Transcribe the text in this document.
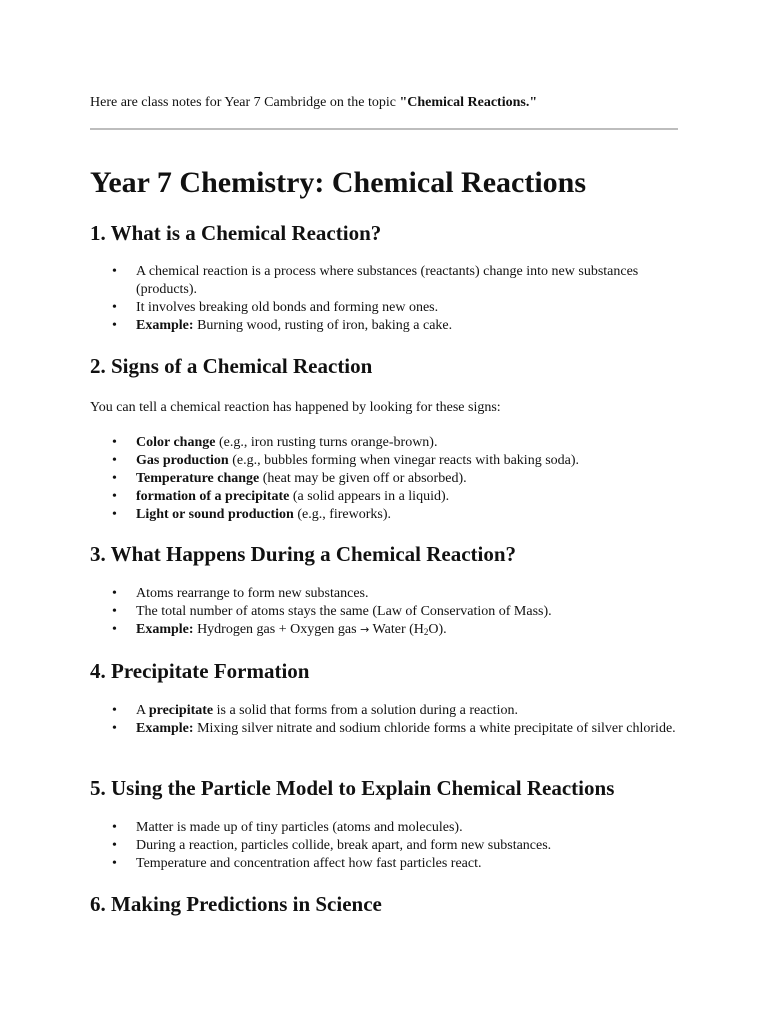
Here are class notes for Year 7 Cambridge on the topic "Chemical Reactions."
Year 7 Chemistry: Chemical Reactions
1. What is a Chemical Reaction?
• A chemical reaction is a process where substances (reactants) change into new substances (products).
• It involves breaking old bonds and forming new ones.
• Example: Burning wood, rusting of iron, baking a cake.
2. Signs of a Chemical Reaction

You can tell a chemical reaction has happened by looking for these signs:

• Color change (e.g., iron rusting turns orange-brown).
• Gas production (e.g., bubbles forming when vinegar reacts with baking soda).
• Temperature change (heat may be given off or absorbed).
• formation of a precipitate (a solid appears in a liquid).
• Light or sound production (e.g., fireworks).
3. What Happens During a Chemical Reaction?
• Atoms rearrange to form new substances.
• The total number of atoms stays the same (Law of Conservation of Mass).
• Example: Hydrogen gas + Oxygen gas → Water $(H_2O)$.
4. Precipitate Formation
• A precipitate is a solid that forms from a solution during a reaction.
• Example: Mixing silver nitrate and sodium chloride forms a white precipitate of silver chloride.
5. Using the Particle Model to Explain Chemical Reactions
• Matter is made up of tiny particles (atoms and molecules).
• During a reaction, particles collide, break apart, and form new substances.
• Temperature and concentration affect how fast particles react.
6. Making Predictions in Science
